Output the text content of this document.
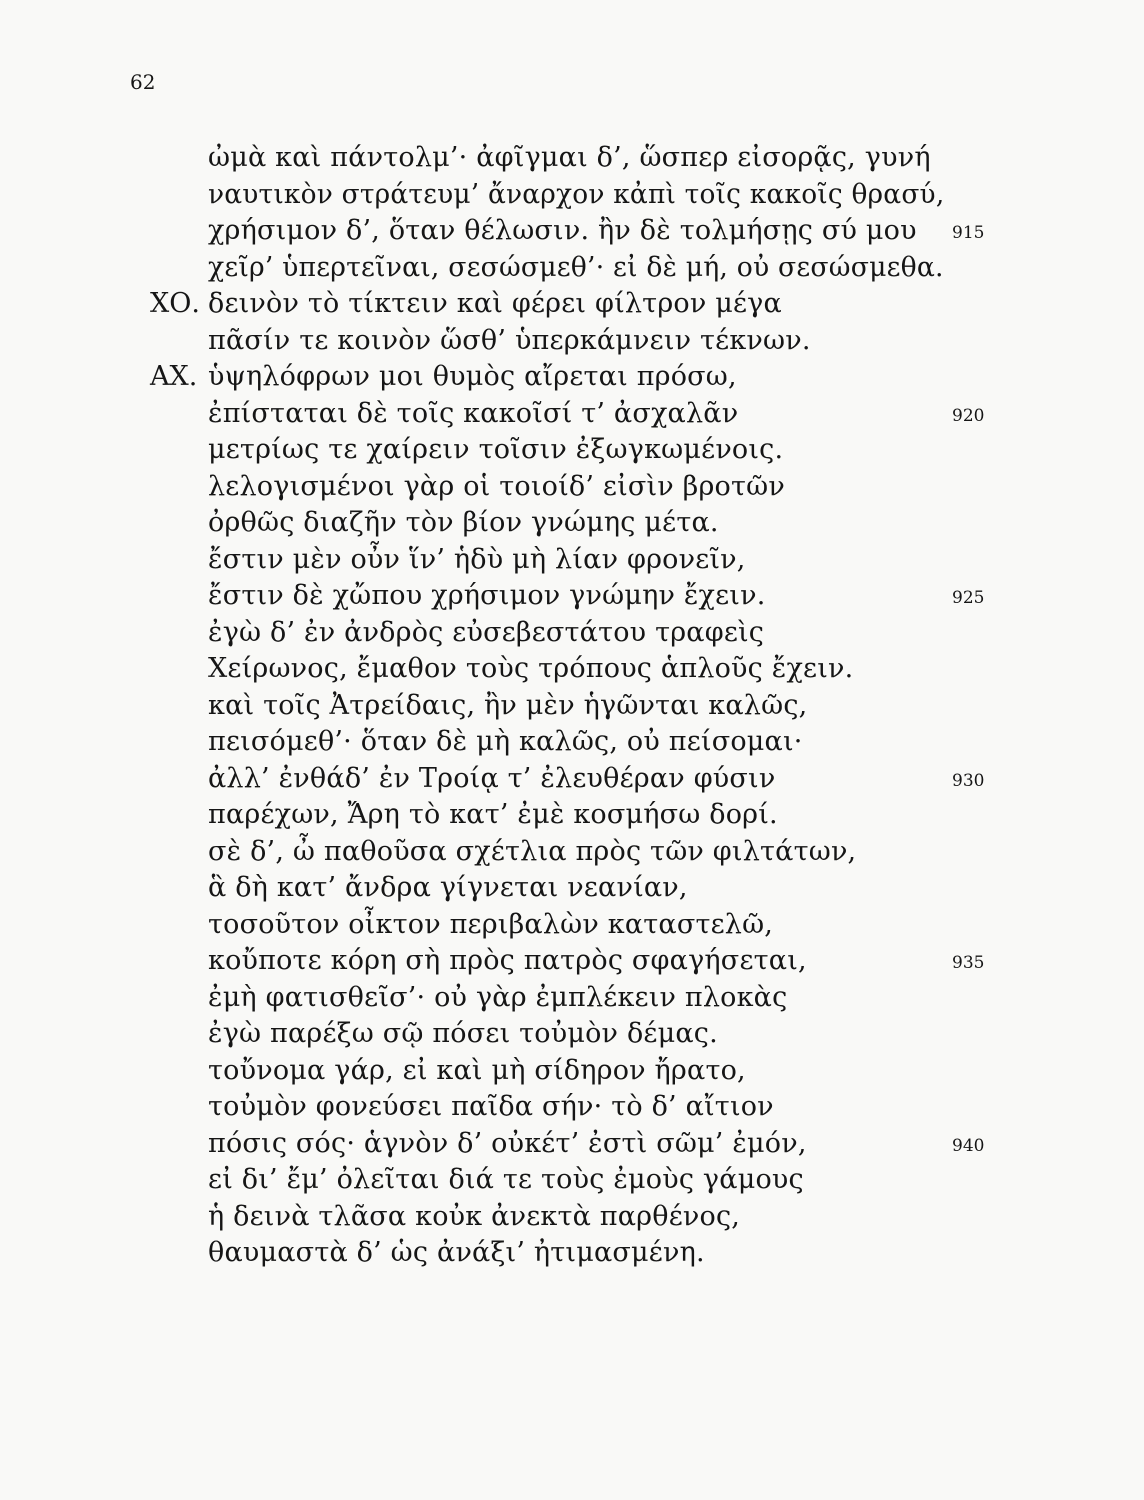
62
ὠμὰ καὶ πάντολμ’· ἀφῖγμαι δ’, ὥσπερ εἰσορᾷς, γυνή
ναυτικὸν στράτευμ’ ἄναρχον κἀπὶ τοῖς κακοῖς θρασύ,
χρήσιμον δ’, ὅταν θέλωσιν. ἢν δὲ τολμήσῃς σύ μου 915
χεῖρ’ ὑπερτεῖναι, σεσώσμεθ’· εἰ δὲ μή, οὐ σεσώσμεθα.
ΧΟ. δεινὸν τὸ τίκτειν καὶ φέρει φίλτρον μέγα
πᾶσίν τε κοινὸν ὥσθ’ ὑπερκάμνειν τέκνων.
ΑΧ. ὑψηλόφρων μοι θυμὸς αἴρεται πρόσω,
ἐπίσταται δὲ τοῖς κακοῖσί τ’ ἀσχαλᾶν	920
μετρίως τε χαίρειν τοῖσιν ἐξωγκωμένοις.
λελογισμένοι γὰρ οἱ τοιοίδ’ εἰσὶν βροτῶν
ὀρθῶς διαζῆν τὸν βίον γνώμης μέτα.
ἔστιν μὲν οὖν ἵν’ ἡδὺ μὴ λίαν φρονεῖν,
ἔστιν δὲ χὤπου χρήσιμον γνώμην ἔχειν.	925
ἐγὼ δ’ ἐν ἀνδρὸς εὐσεβεστάτου τραφεὶς
Χείρωνος, ἔμαθον τοὺς τρόπους ἁπλοῦς ἔχειν.
καὶ τοῖς Ἀτρείδαις, ἢν μὲν ἡγῶνται καλῶς,
πεισόμεθ’· ὅταν δὲ μὴ καλῶς, οὐ πείσομαι·
ἀλλ’ ἐνθάδ’ ἐν Τροίᾳ τ’ ἐλευθέραν φύσιν	930
παρέχων, Ἄρη τὸ κατ’ ἐμὲ κοσμήσω δορί.
σὲ δ’, ὦ παθοῦσα σχέτλια πρὸς τῶν φιλτάτων,
ἃ δὴ κατ’ ἄνδρα γίγνεται νεανίαν,
τοσοῦτον οἶκτον περιβαλὼν καταστελῶ,
κοὔποτε κόρη σὴ πρὸς πατρὸς σφαγήσεται,	935
ἐμὴ φατισθεῖσ’· οὐ γὰρ ἐμπλέκειν πλοκὰς
ἐγὼ παρέξω σῷ πόσει τοὐμὸν δέμας.
τοὔνομα γάρ, εἰ καὶ μὴ σίδηρον ἤρατο,
τοὐμὸν φονεύσει παῖδα σήν· τὸ δ’ αἴτιον
πόσις σός· ἁγνὸν δ’ οὐκέτ’ ἐστὶ σῶμ’ ἐμόν,	940
εἰ δι’ ἔμ’ ὀλεῖται διά τε τοὺς ἐμοὺς γάμους
ἡ δεινὰ τλᾶσα κοὐκ ἀνεκτὰ παρθένος,
θαυμαστὰ δ’ ὡς ἀνάξι’ ἠτιμασμένη.
